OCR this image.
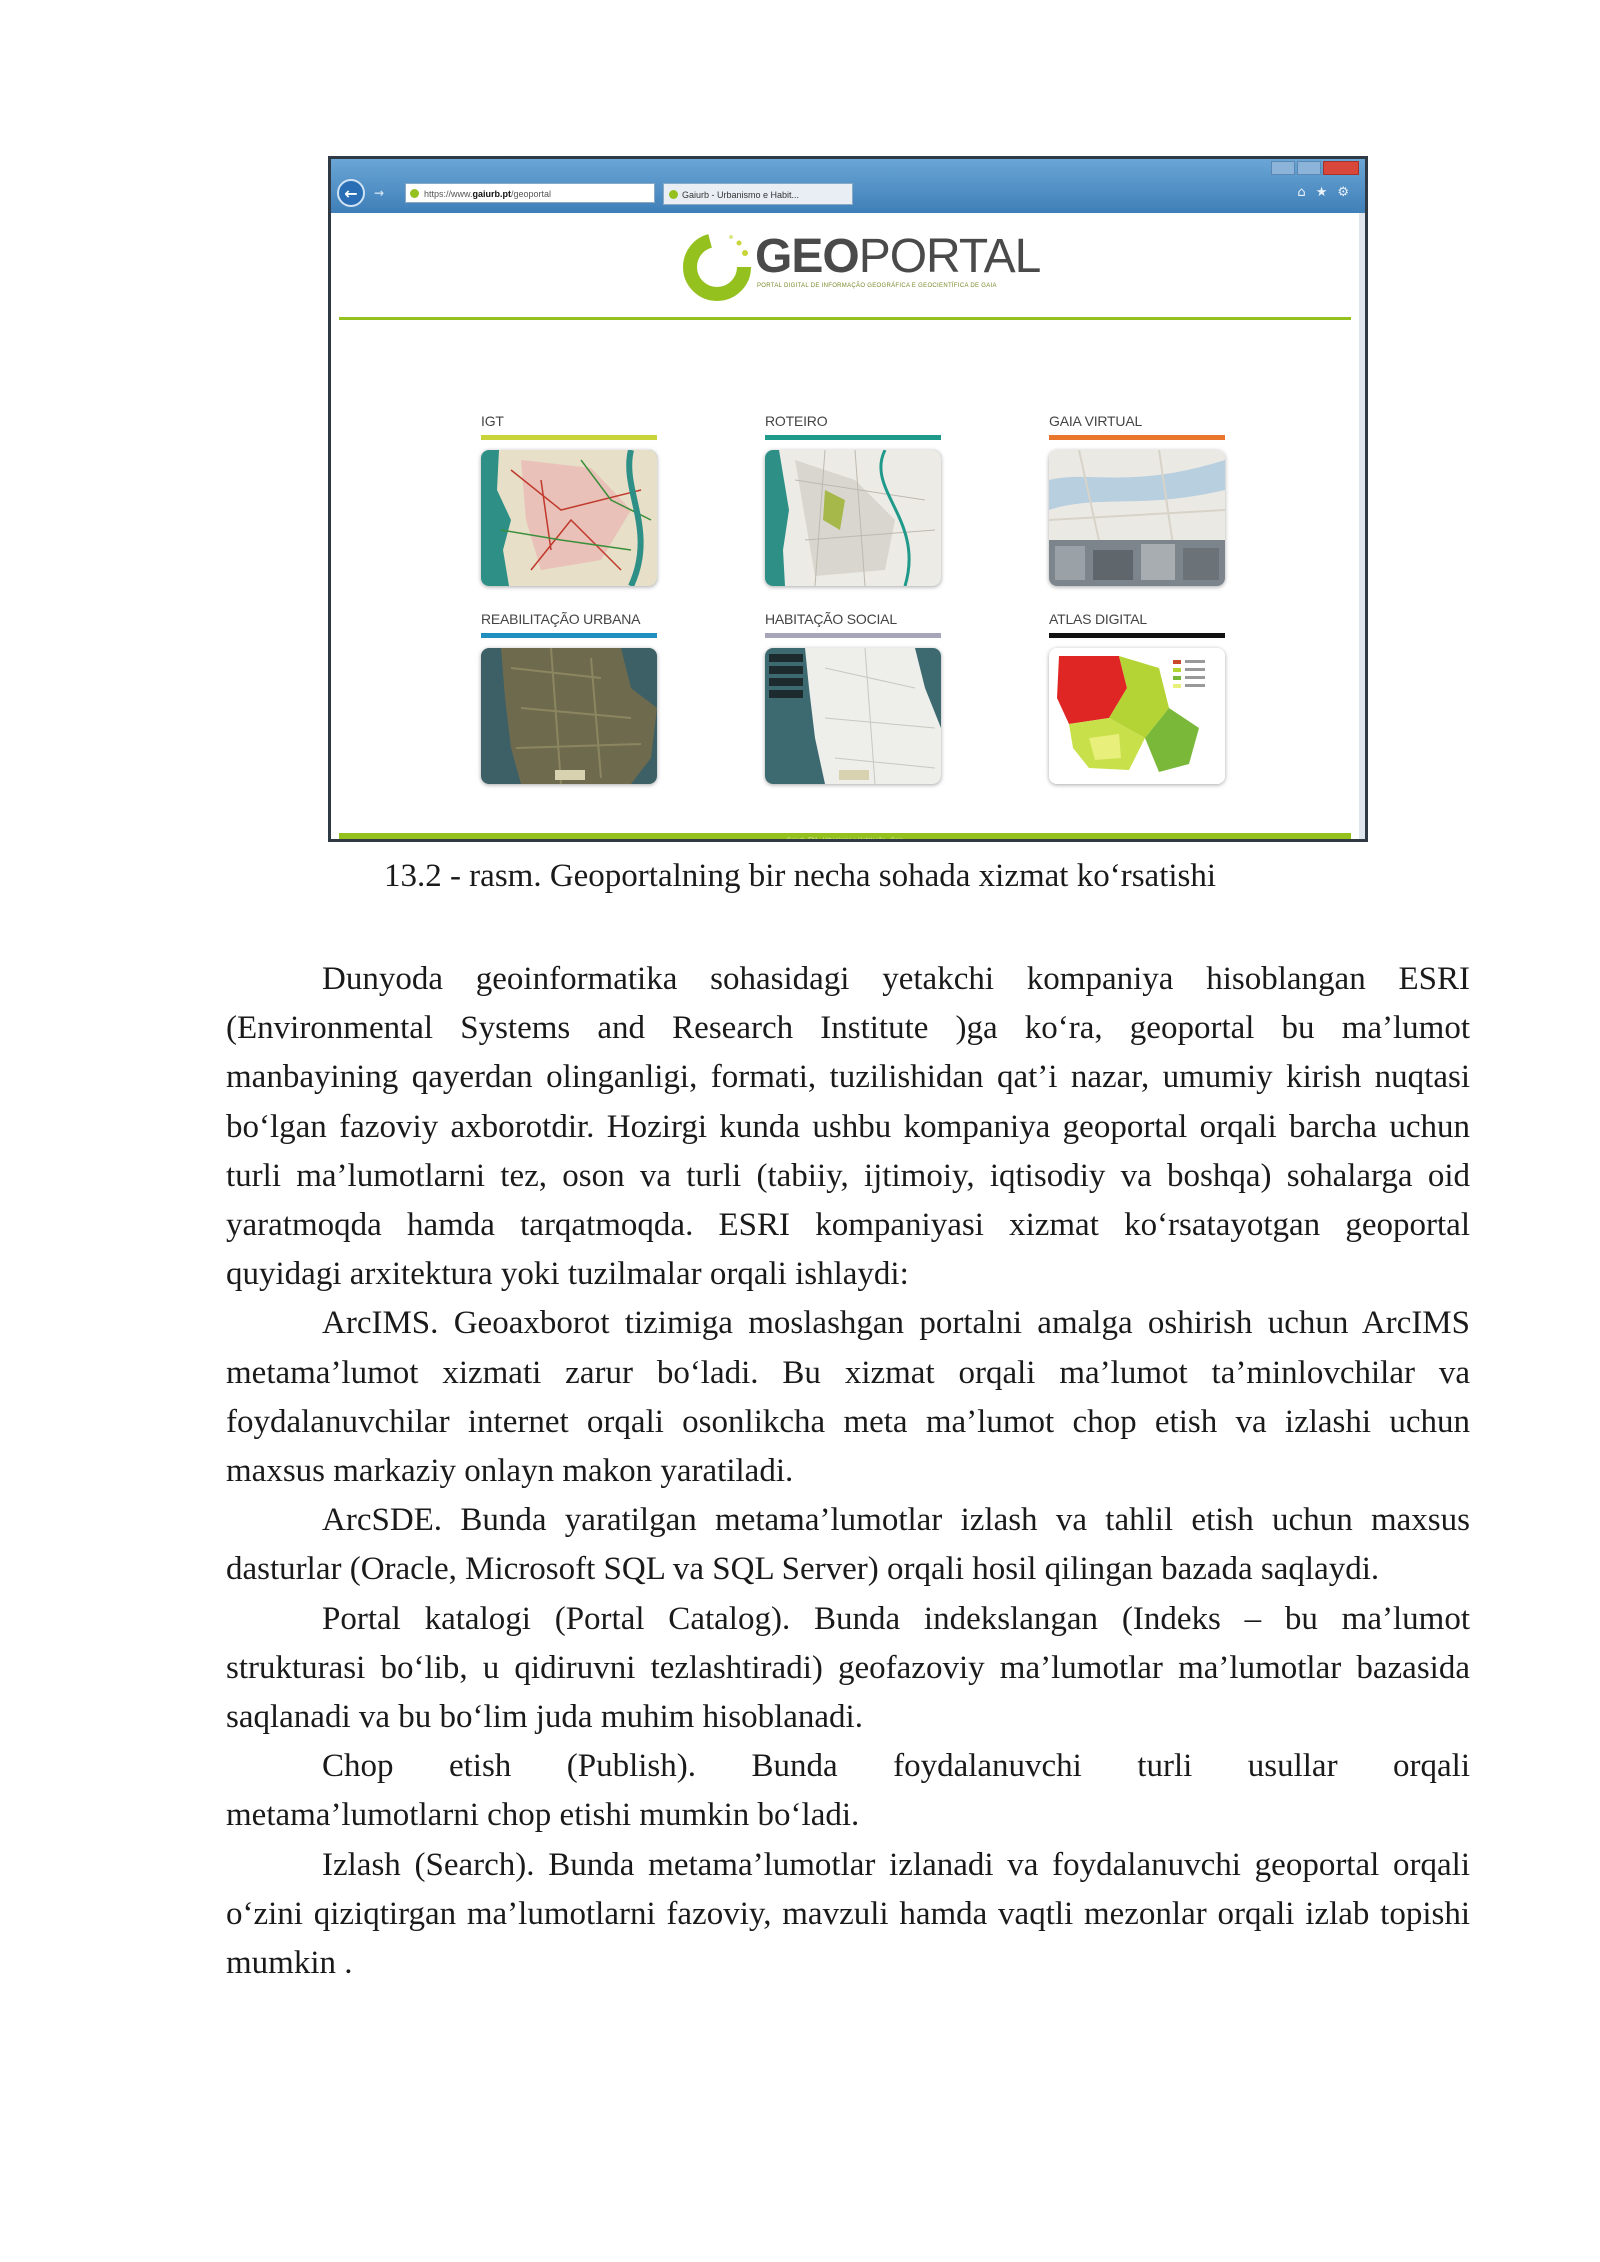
←	→	https://www.gaiurb.pt/geoportal	Gaiurb - Urbanismo e Habit...	⌂ ★ ⚙
GEOPORTAL
PORTAL DIGITAL DE INFORMAÇÃO GEOGRÁFICA E GEOCIENTÍFICA DE GAIA
IGT	ROTEIRO	GAIA VIRTUAL
REABILITAÇÃO URBANA	HABITAÇÃO SOCIAL	ATLAS DIGITAL
Gaiurb, EM - Urbanismo e Habitação - Gaia
13.2 - rasm. Geoportalning bir necha sohada xizmat ko‘rsatishi

Dunyoda geoinformatika sohasidagi yetakchi kompaniya hisoblangan ESRI (Environmental Systems and Research Institute )ga ko‘ra, geoportal bu ma’lumot manbayining qayerdan olinganligi, formati, tuzilishidan qat’i nazar, umumiy kirish nuqtasi bo‘lgan fazoviy axborotdir. Hozirgi kunda ushbu kompaniya geoportal orqali barcha uchun turli ma’lumotlarni tez, oson va turli (tabiiy, ijtimoiy, iqtisodiy va boshqa) sohalarga oid yaratmoqda hamda tarqatmoqda. ESRI kompaniyasi xizmat ko‘rsatayotgan geoportal quyidagi arxitektura yoki tuzilmalar orqali ishlaydi:

ArcIMS. Geoaxborot tizimiga moslashgan portalni amalga oshirish uchun ArcIMS metama’lumot xizmati zarur bo‘ladi. Bu xizmat orqali ma’lumot ta’minlovchilar va foydalanuvchilar internet orqali osonlikcha meta ma’lumot chop etish va izlashi uchun maxsus markaziy onlayn makon yaratiladi.

ArcSDE. Bunda yaratilgan metama’lumotlar izlash va tahlil etish uchun maxsus dasturlar (Oracle, Microsoft SQL va SQL Server) orqali hosil qilingan bazada saqlaydi.

Portal katalogi (Portal Catalog). Bunda indekslangan (Indeks – bu ma’lumot strukturasi bo‘lib, u qidiruvni tezlashtiradi) geofazoviy ma’lumotlar ma’lumotlar bazasida saqlanadi va bu bo‘lim juda muhim hisoblanadi.

Chop etish (Publish). Bunda foydalanuvchi turli usullar orqali

metama’lumotlarni chop etishi mumkin bo‘ladi.

Izlash (Search). Bunda metama’lumotlar izlanadi va foydalanuvchi geoportal orqali o‘zini qiziqtirgan ma’lumotlarni fazoviy, mavzuli hamda vaqtli mezonlar orqali izlab topishi mumkin .
